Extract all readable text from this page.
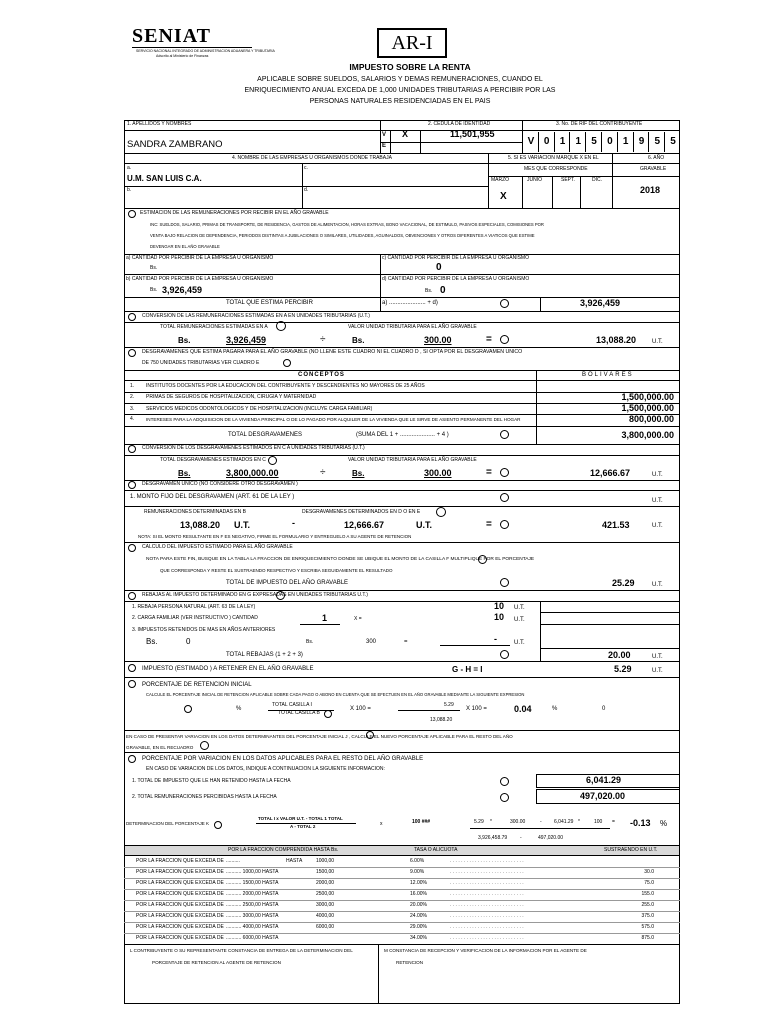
SENIAT
SERVICIO NACIONAL INTEGRADO DE ADMINISTRACION ADUANERA Y TRIBUTARIA
Adscrito al Ministerio de Finanzas
AR-I
IMPUESTO SOBRE LA RENTA
APLICABLE SOBRE SUELDOS, SALARIOS Y DEMAS REMUNERACIONES, CUANDO EL
ENRIQUECIMIENTO ANUAL EXCEDA DE 1,000 UNIDADES TRIBUTARIAS A PERCIBIR POR LAS
PERSONAS NATURALES RESIDENCIADAS EN EL PAIS
1. APELLIDOS Y NOMBRES
SANDRA ZAMBRANO
2. CÉDULA DE IDENTIDAD
V
E
X	11,501,955
3. No. DE RIF DEL CONTRIBUYENTE
V 0	1	1	5	0	1	9	5	5
4. NOMBRE DE LAS EMPRESAS U ORGANISMOS DONDE TRABAJA
a.
U.M. SAN LUIS C.A.
b.
c.
d.
5. SI ES VARIACION MARQUE X EN EL
MES QUE CORRESPONDE
MARZO	JUNIO	SEPT.	DIC.
X
6. AÑO
GRAVABLE
2018
ESTIMACION DE LAS REMUNERACIONES POR RECIBIR EN EL AÑO GRAVABLE
INC: SUELDOS, SALARIO, PRIMAS DE TRANSPORTE, DE RESIDENCIA, GASTOS DE ALIMENTACION, HORAS EXTRAS, BONO VACACIONAL, DE ESTIMULO, PASIVOS ESPECIALES, COMISIONES POR
VENTA BAJO RELACION DE DEPENDENCIA, PERIODOS DISTINTAS A JUBILACIONES O SIMILARES, UTILIDADES, AGUINALDOS, OBVENCIONES Y OTROS DIFERENTES A VIATICOS QUE ESTIME
DEVENGAR EN EL AÑO GRAVABLE
a) CANTIDAD POR PERCIBIR DE LA EMPRESA U ORGANISMO
Bs.
c) CANTIDAD POR PERCIBIR DE LA EMPRESA U ORGANISMO
0
b) CANTIDAD POR PERCIBIR DE LA EMPRESA U ORGANISMO
Bs. 3,926,459
d) CANTIDAD POR PERCIBIR DE LA EMPRESA U ORGANISMO
Bs. 0
TOTAL QUE ESTIMA PERCIBIR	a) ...................... + d)	3,926,459
CONVERSION DE LAS REMUNERACIONES ESTIMADAS EN A EN UNIDADES TRIBUTARIAS (U.T.)
TOTAL REMUNERACIONES ESTIMADAS EN A	VALOR UNIDAD TRIBUTARIA PARA EL AÑO GRAVABLE
Bs.	3,926,459	÷	Bs.	300.00	=	13,088.20	U.T.
DESGRAVAMENES QUE ESTIMA PAGARA PARA EL AÑO GRAVABLE (NO LLENE ESTE CUADRO NI EL CUADRO D , SI OPTA POR EL DESGRAVAMEN UNICO
DE 750 UNIDADES TRIBUTARIAS VER CUADRO E
CONCEPTOS	BOLIVARES
1. INSTITUTOS DOCENTES POR LA EDUCACION DEL CONTRIBUYENTE Y DESCENDIENTES NO MAYORES DE 25 AÑOS
2. PRIMAS DE SEGUROS DE HOSPITALIZACION, CIRUGIA Y MATERNIDAD	1,500,000.00
3. SERVICIOS MEDICOS ODONTOLOGICOS Y DE HOSPITALIZACION (INCLUYE CARGA FAMILIAR)	1,500,000.00
4.	INTERESES PARA LA ADQUISICION DE LA VIVIENDA PRINCIPAL O DE LO PAGADO POR ALQUILER DE LA VIVIENDA QUE LE SIRVE DE ASIENTO PERMANENTE DEL HOGAR	800,000.00
TOTAL DESGRAVAMENES	(SUMA DEL 1 + ..................... + 4 )	3,800,000.00
CONVERSION DE LOS DESGRAVAMENES ESTIMADOS EN C A UNIDADES TRIBUTARIAS (U.T.)
TOTAL DESGRAVAMENES ESTIMADOS EN C	VALOR UNIDAD TRIBUTARIA PARA EL AÑO GRAVABLE
Bs.	3,800,000.00	÷	Bs.	300.00	=	12,666.67	U.T.
DESGRAVAMEN UNICO (NO CONSIDERE OTRO DESGRAVAMEN )
1. MONTO FIJO DEL DESGRAVAMEN (ART. 61 DE LA LEY )
U.T.
REMUNERACIONES DETERMINADAS EN B	DESGRAVAMENES DETERMINADOS EN D O EN E
13,088.20 U.T.	-	12,666.67	U.T.	=	421.53	U.T.
NOTA: SI EL MONTO RESULTANTE EN F ES NEGATIVO, FIRME EL FORMULARIO Y ENTREGUELO A SU AGENTE DE RETENCION
CALCULO DEL IMPUESTO ESTIMADO PARA EL AÑO GRAVABLE
NOTA PARA ESTE FIN, BUSQUE EN LA TABLA LA FRACCION DE ENRIQUECIMIENTO DONDE SE UBIQUE EL MONTO DE LA CASILLA F MULTIPLIQUE POR EL PORCENTAJE
QUE CORRESPONDA Y RESTE EL SUSTRAENDO RESPECTIVO Y ESCRIBA SEGUIDAMENTE EL RESULTADO
TOTAL DE IMPUESTO DEL AÑO GRAVABLE	25.29	U.T.
REBAJAS AL IMPUESTO DETERMINADO EN G EXPRESADAS EN UNIDADES TRIBUTARIAS U.T.)
1. REBAJA PERSONA NATURAL (ART. 63 DE LA LEY)	10 U.T.
2. CARGA FAMILIAR (VER INSTRUCTIVO ) CANTIDAD	1	X =	10 U.T.
3. IMPUESTOS RETENIDOS DE MAS EN AÑOS ANTERIORES
Bs.	0	Bs.	300	=	-	U.T.
TOTAL REBAJAS (1 + 2 + 3)	20.00	U.T.
IMPUESTO (ESTIMADO ) A RETENER EN EL AÑO GRAVABLE	G - H = I	5.29	U.T.
PORCENTAJE DE RETENCION INICIAL
CALCULE EL PORCENTAJE INICIAL DE RETENCION APLICABLE SOBRE CADA PAGO O ABONO EN CUENTA QUE SE EFECTUEN EN EL AÑO GRAVABLE MEDIANTE LA SIGUIENTE EXPRESION
%
TOTAL CASILLA I
TOTAL CASILLA B
X 100 =
5.29
13,088.20
X 100 =	0.04	%	0
EN CASO DE PRESENTAR VARIACION EN LOS DATOS DETERMINANTES DEL PORCENTAJE INICIAL J , CALCULE EL NUEVO PORCENTAJE APLICABLE PARA EL RESTO DEL AÑO
GRAVABLE, EN EL RECUADRO
PORCENTAJE POR VARIACION EN LOS DATOS APLICABLES PARA EL RESTO DEL AÑO GRAVABLE
EN CASO DE VARIACION DE LOS DATOS, INDIQUE A CONTINUACION LA SIGUIENTE INFORMACION:
1. TOTAL DE IMPUESTO QUE LE HAN RETENIDO HASTA LA FECHA	6,041.29
2. TOTAL REMUNERACIONES PERCIBIDAS HASTA LA FECHA	497,020.00
DETERMINACION DEL PORCENTAJE K
TOTAL I x VALOR U.T. - TOTAL 1 TOTAL
A - TOTAL 2	x	100 ###	5.29 *	300.00	- 6,041.29 *	100 = -0.13 %
3,926,458.79	-	497,020.00
POR LA FRACCION COMPRENDIDA HASTA Bs.	TASA O ALICUOTA	SUSTRAENDO EN U.T.
POR LA FRACCION QUE EXCEDA DE ..........	HASTA	1000,00	6.00%	. . . . . . . . . . . . . . . . . . . . . . . . . . .
POR LA FRACCION QUE EXCEDA DE ........... 1000,00 HASTA	1500,00	9.00%	. . . . . . . . . . . . . . . . . . . . . . . . . . .	30.0
POR LA FRACCION QUE EXCEDA DE ........... 1500,00 HASTA	2000,00	12.00%	. . . . . . . . . . . . . . . . . . . . . . . . . . .	75.0
POR LA FRACCION QUE EXCEDA DE ........... 2000,00 HASTA	2500,00	16.00%	. . . . . . . . . . . . . . . . . . . . . . . . . . .	155.0
POR LA FRACCION QUE EXCEDA DE ........... 2500,00 HASTA	3000,00	20.00%	. . . . . . . . . . . . . . . . . . . . . . . . . . .	255.0
POR LA FRACCION QUE EXCEDA DE ........... 3000,00 HASTA	4000,00	24.00%	. . . . . . . . . . . . . . . . . . . . . . . . . . .	375.0
POR LA FRACCION QUE EXCEDA DE ........... 4000,00 HASTA	6000,00	29.00%	. . . . . . . . . . . . . . . . . . . . . . . . . . .	575.0
POR LA FRACCION QUE EXCEDA DE ........... 6000,00 HASTA	34.00%	. . . . . . . . . . . . . . . . . . . . . . . . . . .	875.0
L CONTRIBUYENTE O SU REPRESENTANTE CONSTANCIA DE ENTREGA DE LA DETERMINACION DEL
PORCENTAJE DE RETENCION AL AGENTE DE RETENCION
M CONSTANCIA DE RECEPCION Y VERIFICACION DE LA INFORMACION POR EL AGENTE DE
RETENCION
